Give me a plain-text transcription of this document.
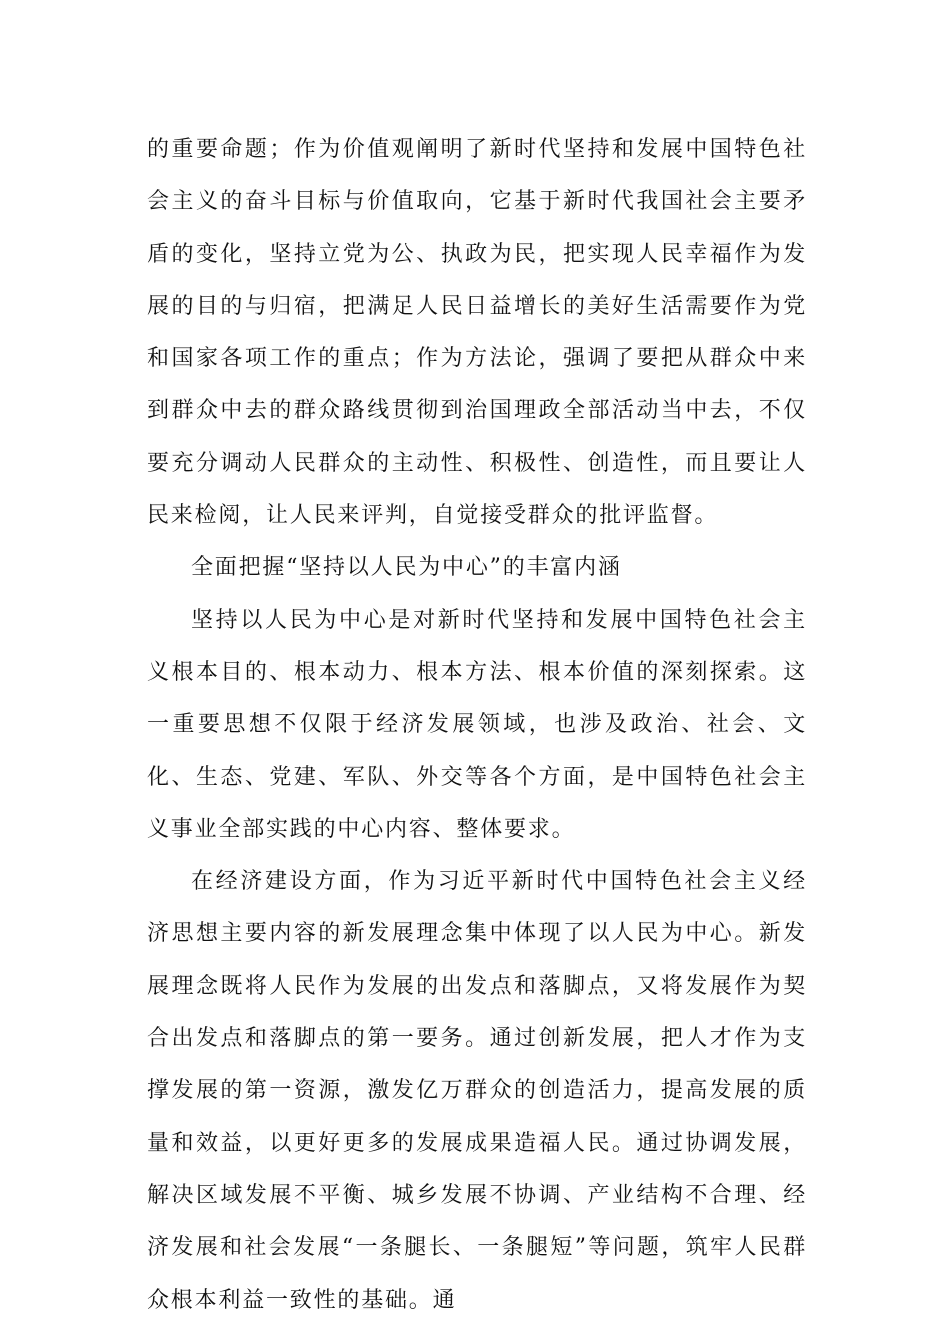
的重要命题；作为价值观阐明了新时代坚持和发展中国特色社会主义的奋斗目标与价值取向，它基于新时代我国社会主要矛盾的变化，坚持立党为公、执政为民，把实现人民幸福作为发展的目的与归宿，把满足人民日益增长的美好生活需要作为党和国家各项工作的重点；作为方法论，强调了要把从群众中来到群众中去的群众路线贯彻到治国理政全部活动当中去，不仅要充分调动人民群众的主动性、积极性、创造性，而且要让人民来检阅，让人民来评判，自觉接受群众的批评监督。

全面把握“坚持以人民为中心”的丰富内涵

坚持以人民为中心是对新时代坚持和发展中国特色社会主义根本目的、根本动力、根本方法、根本价值的深刻探索。这一重要思想不仅限于经济发展领域，也涉及政治、社会、文化、生态、党建、军队、外交等各个方面，是中国特色社会主义事业全部实践的中心内容、整体要求。

在经济建设方面，作为习近平新时代中国特色社会主义经济思想主要内容的新发展理念集中体现了以人民为中心。新发展理念既将人民作为发展的出发点和落脚点，又将发展作为契合出发点和落脚点的第一要务。通过创新发展，把人才作为支撑发展的第一资源，激发亿万群众的创造活力，提高发展的质量和效益，以更好更多的发展成果造福人民。通过协调发展，解决区域发展不平衡、城乡发展不协调、产业结构不合理、经济发展和社会发展“一条腿长、一条腿短”等问题，筑牢人民群众根本利益一致性的基础。通
